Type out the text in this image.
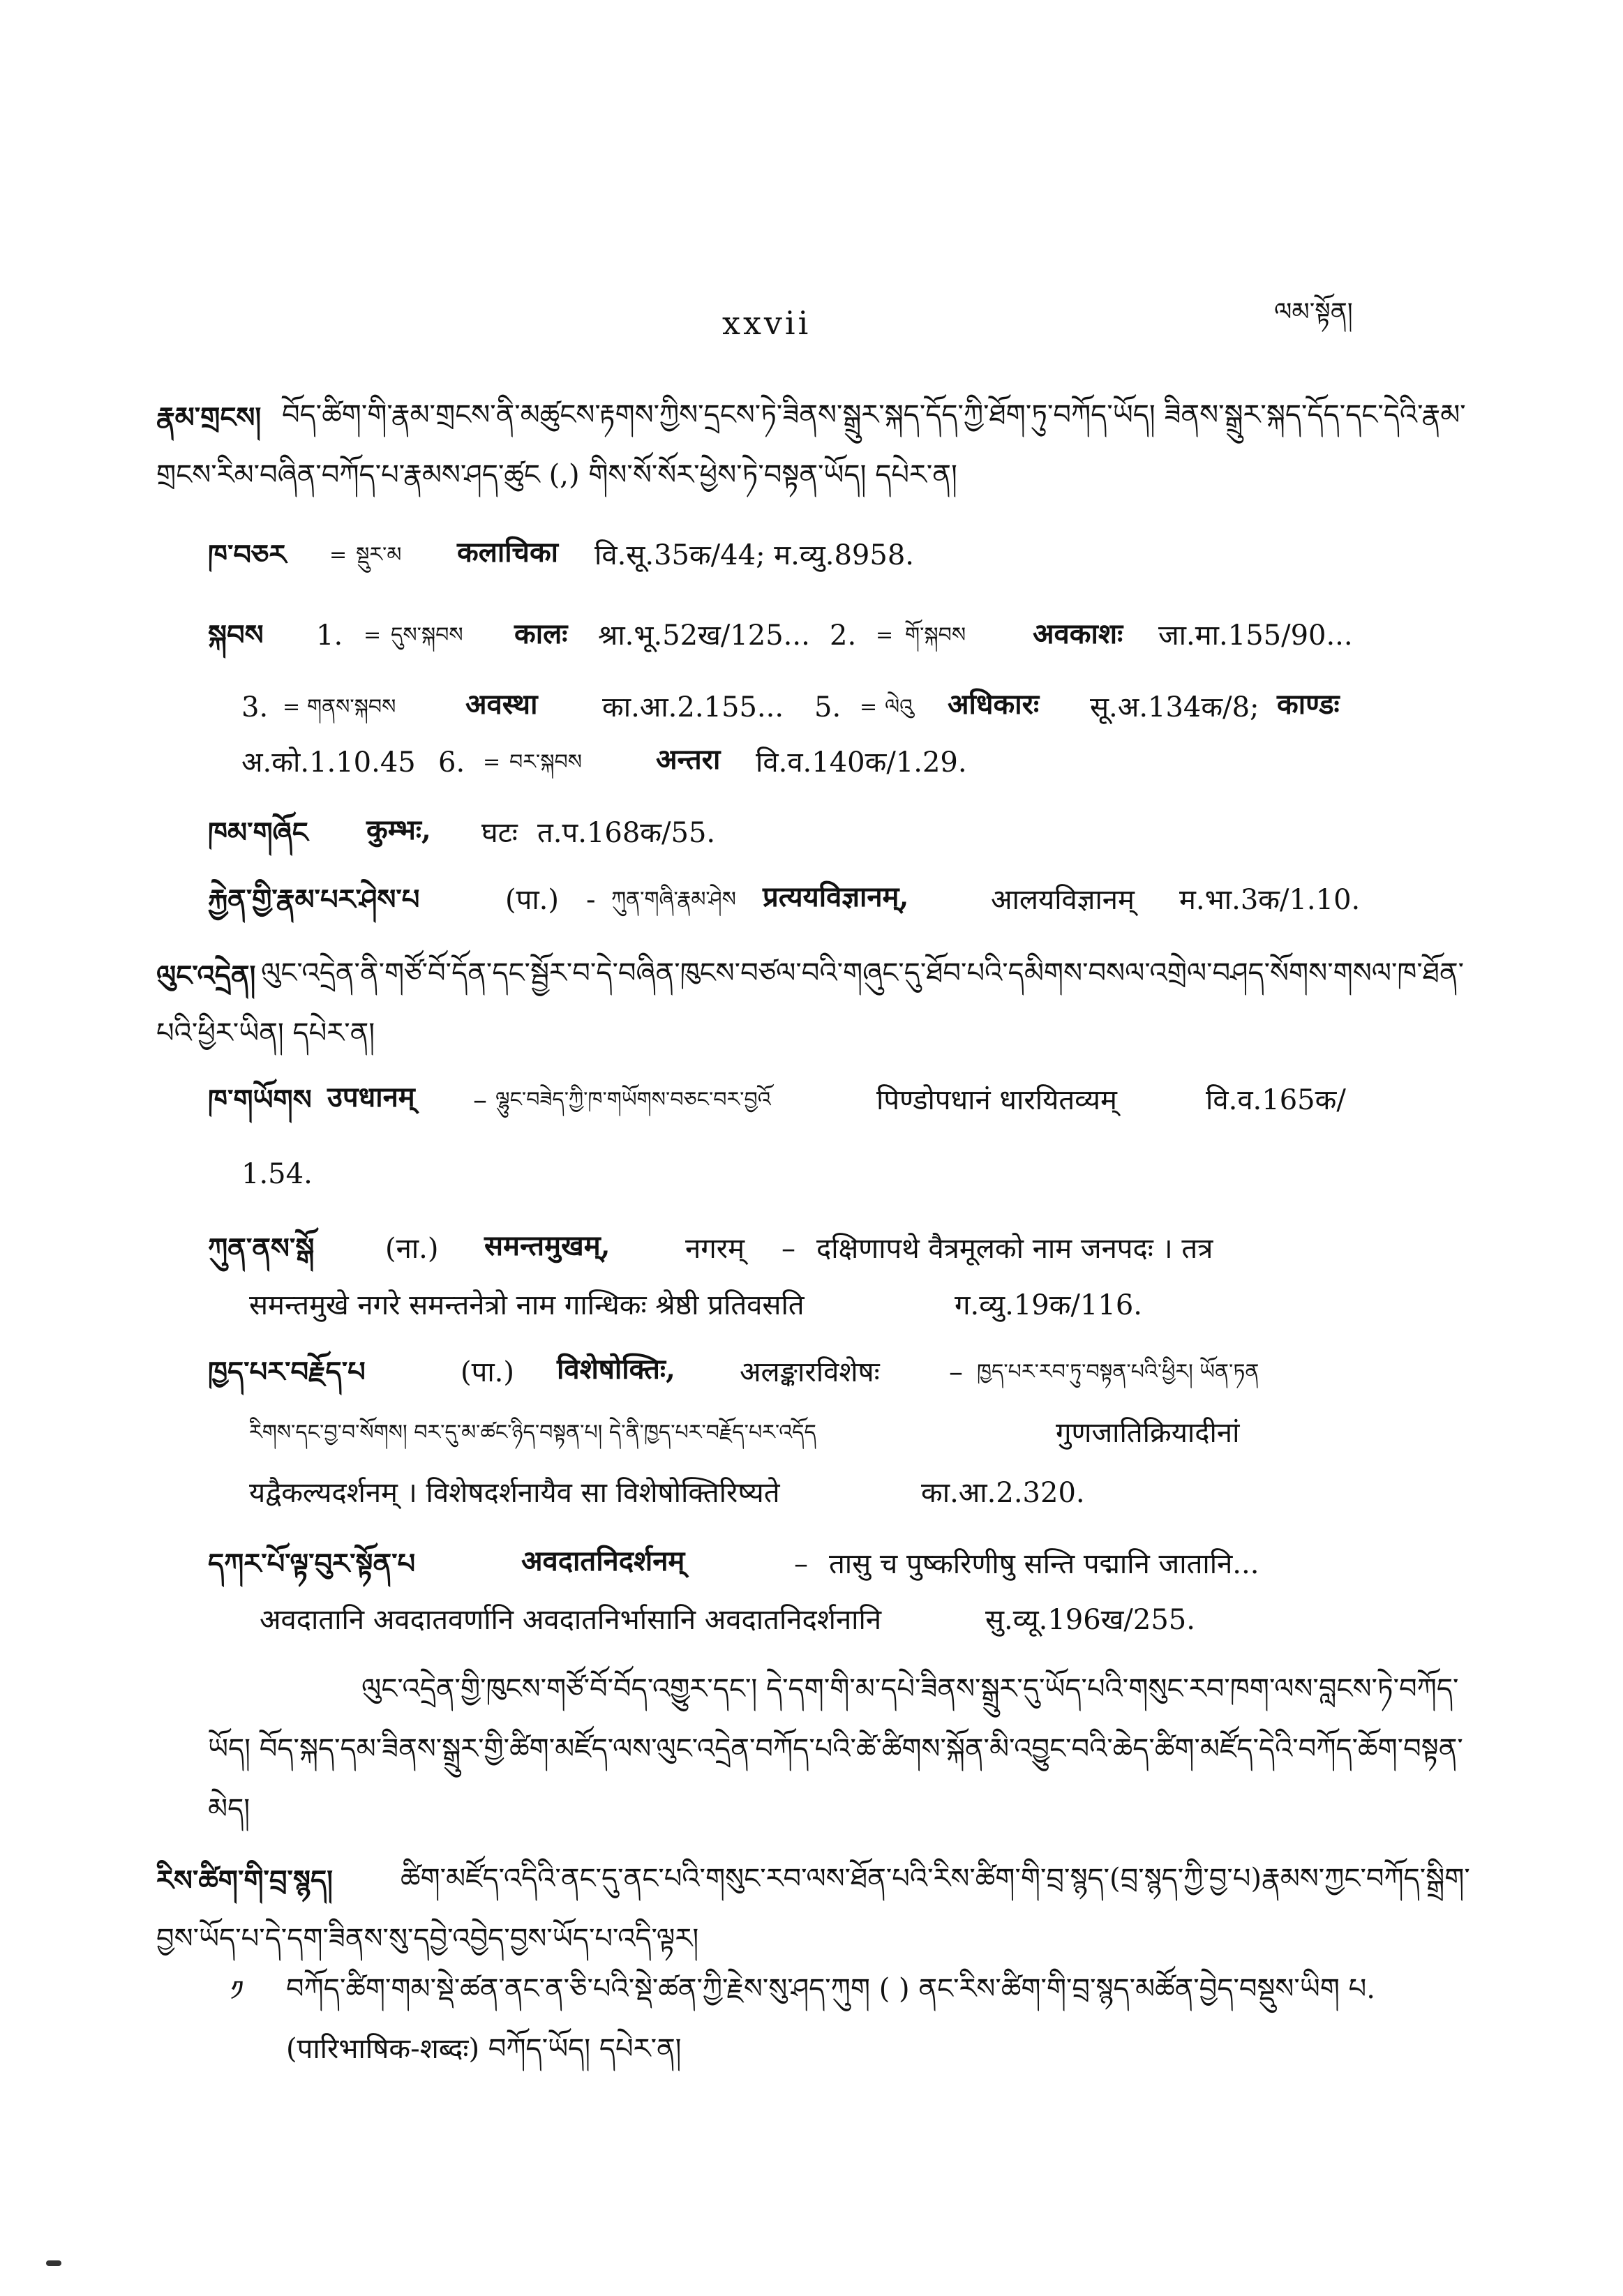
xxvii	ལམ་སྟོན།
རྣམ་གྲངས། བོད་ཚིག་གི་རྣམ་གྲངས་ནི་མཚུངས་རྟགས་ཀྱིས་དྲངས་ཏེ་ཟིནས་སྒྲུར་སྐད་དོད་ཀྱི་ཐོག་ཏུ་བཀོད་ཡོད། ཟིནས་སྒྲུར་སྐད་དོད་དང་དེའི་རྣམ་གྲངས་རིམ་བཞིན་བཀོད་པ་རྣམས་ཤད་ཚུང (,) གིས་སོ་སོར་ཕྱེས་ཏེ་བསྟན་ཡོད། དཔེར་ན།
ཁ་བཅར = སྡུར་མ कलाचिका वि.सू.35क/44; म.व्यु.8958.
སྐབས 1. = དུས་སྐབས कालः श्रा.भू.52ख/125... 2. = གོ་སྐབས अवकाशः जा.मा.155/90...
3. = གནས་སྐབས अवस्था का.आ.2.155... 5. = ལེའུ अधिकारः सू.अ.134क/8; काण्डः
अ.को.1.10.45 6. = བར་སྐབས	अन्तरा वि.व.140क/1.29.
ཁམ་གཞོང कुम्भः, घटः त.प.168क/55.
རྐྱེན་གྱི་རྣམ་པར་ཤེས་པ	(पा.) - ཀུན་གཞི་རྣམ་ཤེས प्रत्ययविज्ञानम्,	आलयविज्ञानम् म.भा.3क/1.10.
ལུང་འདྲེན། ལུང་འདྲེན་ནི་གཙོ་བོ་དོན་དང་སྦྱོར་བ་དེ་བཞིན་ཁུངས་བཙལ་བའི་གཞུང་དུ་ཐོབ་པའི་དམིགས་བསལ་འགྲེལ་བཤད་སོགས་གསལ་ཁ་ཐོན་པའི་ཕྱིར་ཡིན། དཔེར་ན།
ཁ་གཡོགས उपधानम् – ལྷུང་བཟེད་ཀྱི་ཁ་གཡོགས་བཅང་བར་བྱའོ	पिण्डोपधानं धारयितव्यम्	वि.व.165क/
1.54.
ཀུན་ནས་སྒོ	(ना.) समन्तमुखम्,	नगरम् – दक्षिणापथे वैत्रमूलको नाम जनपदः । तत्र
समन्तमुखे नगरे समन्तनेत्रो नाम गान्धिकः श्रेष्ठी प्रतिवसति	ग.व्यु.19क/116.
ཁྱད་པར་བརྗོད་པ	(पा.) विशेषोक्तिः, अलङ्कारविशेषः – ཁྱད་པར་རབ་ཏུ་བསྟན་པའི་ཕྱིར། ཡོན་ཏན
རིགས་དང་བྱ་བ་སོགས། བར་དུ་མ་ཚང་ཉིད་བསྟན་པ། དེ་ནི་ཁྱད་པར་བརྗོད་པར་འདོད	गुणजातिक्रियादीनां
यद्वैकल्यदर्शनम् । विशेषदर्शनायैव सा विशेषोक्तिरिष्यते	का.आ.2.320.
དཀར་པོ་ལྟ་བུར་སྟོན་པ	अवदातनिदर्शनम्	– तासु च पुष्करिणीषु सन्ति पद्मानि जातानि...
अवदातानि अवदातवर्णानि अवदातनिर्भासानि अवदातनिदर्शनानि	सु.व्यू.196ख/255.
ལུང་འདྲེན་གྱི་ཁུངས་གཙོ་བོ་བོད་འགྱུར་དང་། དེ་དག་གི་མ་དཔེ་ཟིནས་སྒྲུར་དུ་ཡོད་པའི་གསུང་རབ་ཁག་ལས་བླངས་ཏེ་བཀོད་ཡོད། བོད་སྐད་དམ་ཟིནས་སྒྲུར་གྱི་ཚིག་མཛོད་ལས་ལུང་འདྲེན་བཀོད་པའི་ཚེ་ཚིགས་སྐོན་མི་འབྱུང་བའི་ཆེད་ཚིག་མཛོད་དེའི་བཀོད་ཆོག་བསྟན་མེད།
རིས་ཚིག་གི་བྲ་སྙད།	ཚིག་མཛོད་འདིའི་ནང་དུ་ནང་པའི་གསུང་རབ་ལས་ཐོན་པའི་རིས་ཚིག་གི་བྲ་སྙད་(བྲ་སྙད་ཀྱི་བྱ་པ)རྣམས་ཀྱང་བཀོད་སྒྲིག་བྱས་ཡོད་པ་དེ་དག་ཟིནས་སུ་དབྱེ་འབྱེད་བྱས་ཡོད་པ་འདི་ལྟར།
༡ བཀོད་ཚིག་གམ་སྡེ་ཚན་ནང་ན་ཅི་པའི་སྡེ་ཚན་ཀྱི་རྗེས་སུ་ཤད་ཀུག ( ) ནང་རིས་ཚིག་གི་བྲ་སྙད་མཚོན་བྱེད་བསྡུས་ཡིག པ. (पारिभाषिक-शब्दः) བཀོད་ཡོད། དཔེར་ན།
